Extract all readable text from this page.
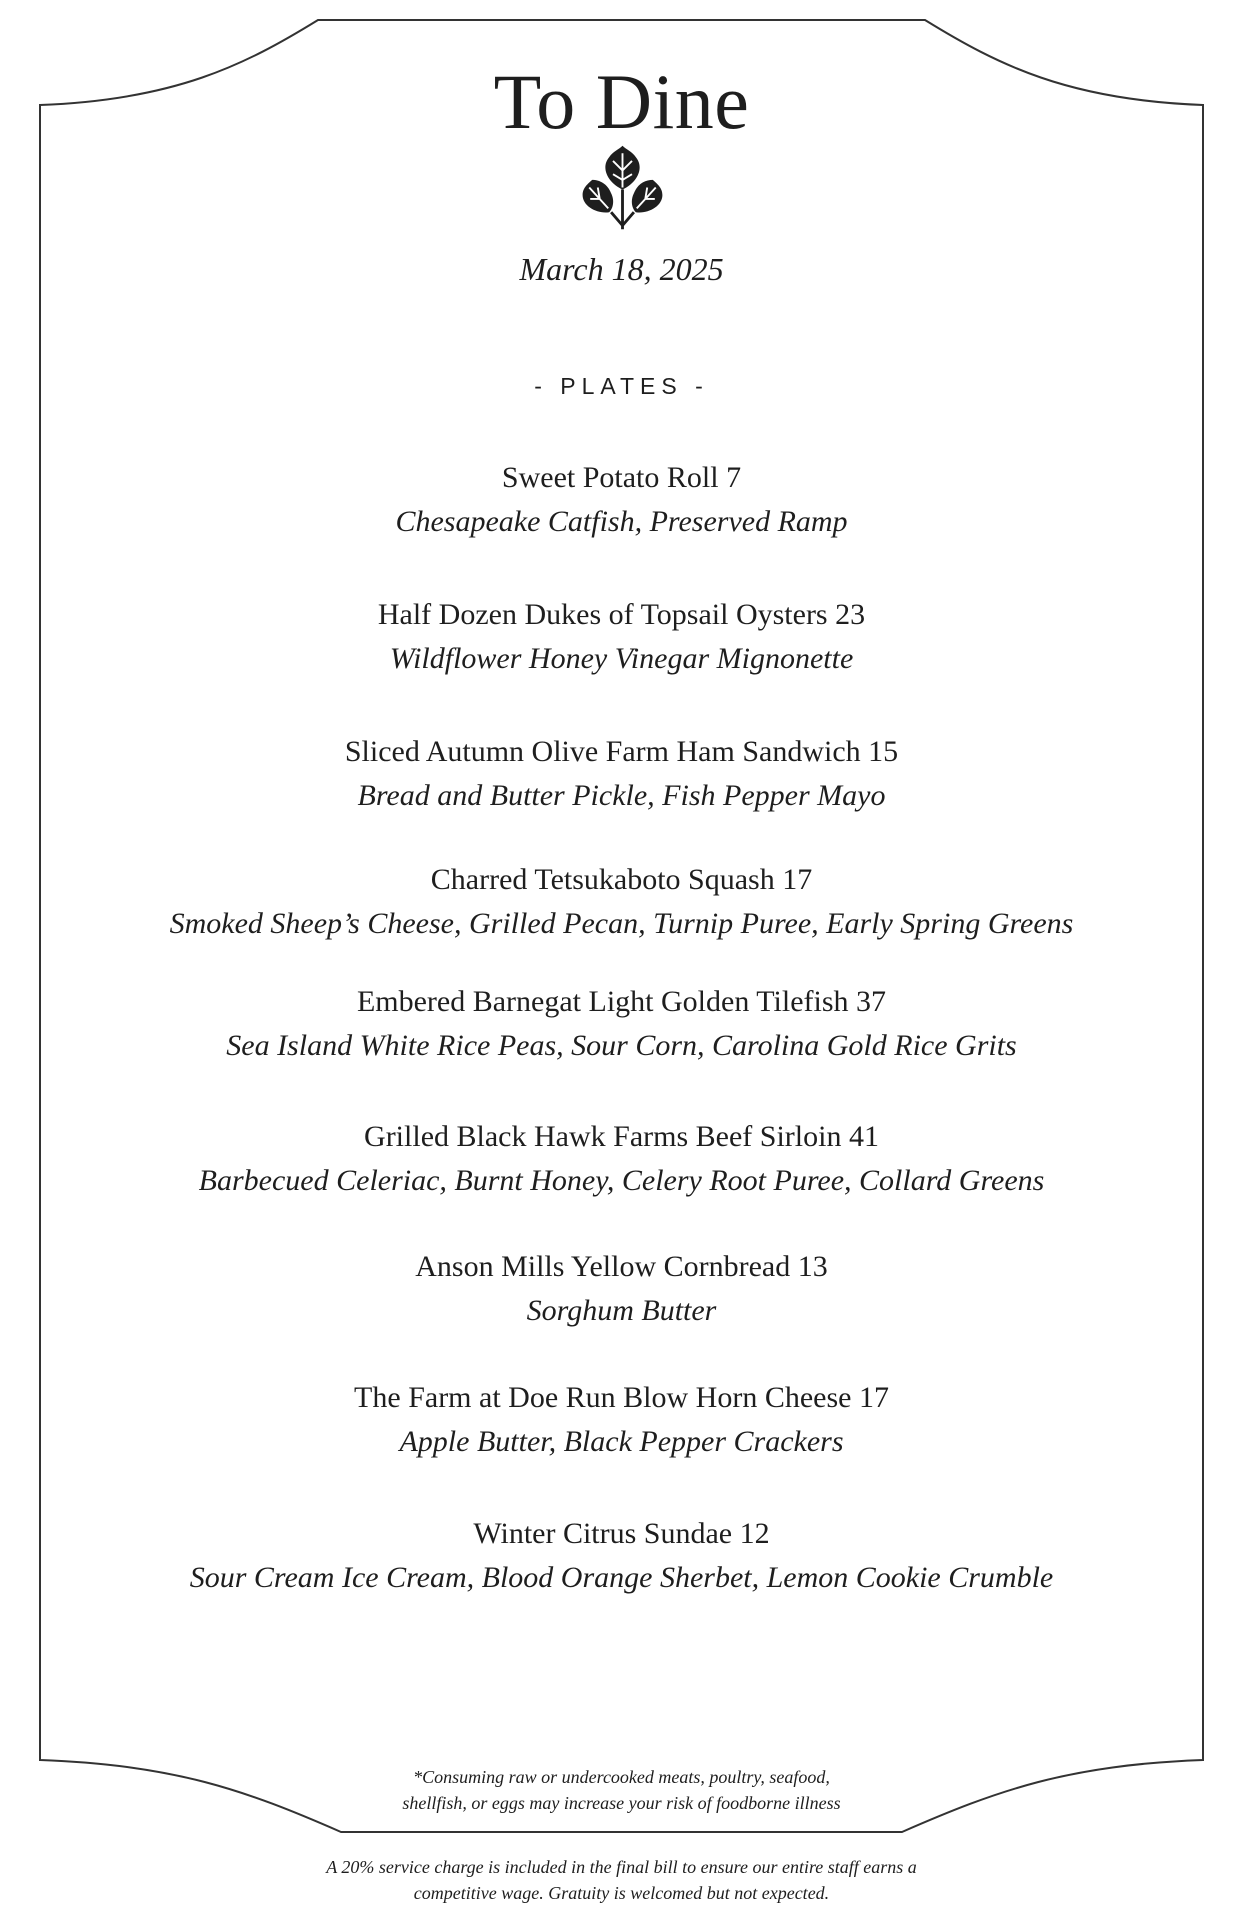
To Dine
March 18, 2025
- PLATES -
Sweet Potato Roll 7
Chesapeake Catfish, Preserved Ramp
Half Dozen Dukes of Topsail Oysters 23
Wildflower Honey Vinegar Mignonette
Sliced Autumn Olive Farm Ham Sandwich 15
Bread and Butter Pickle, Fish Pepper Mayo
Charred Tetsukaboto Squash 17
Smoked Sheep’s Cheese, Grilled Pecan, Turnip Puree, Early Spring Greens
Embered Barnegat Light Golden Tilefish 37
Sea Island White Rice Peas, Sour Corn, Carolina Gold Rice Grits
Grilled Black Hawk Farms Beef Sirloin 41
Barbecued Celeriac, Burnt Honey, Celery Root Puree, Collard Greens
Anson Mills Yellow Cornbread 13
Sorghum Butter
The Farm at Doe Run Blow Horn Cheese 17
Apple Butter, Black Pepper Crackers
Winter Citrus Sundae 12
Sour Cream Ice Cream, Blood Orange Sherbet, Lemon Cookie Crumble
*Consuming raw or undercooked meats, poultry, seafood,
shellfish, or eggs may increase your risk of foodborne illness
A 20% service charge is included in the final bill to ensure our entire staff earns a
competitive wage. Gratuity is welcomed but not expected.
